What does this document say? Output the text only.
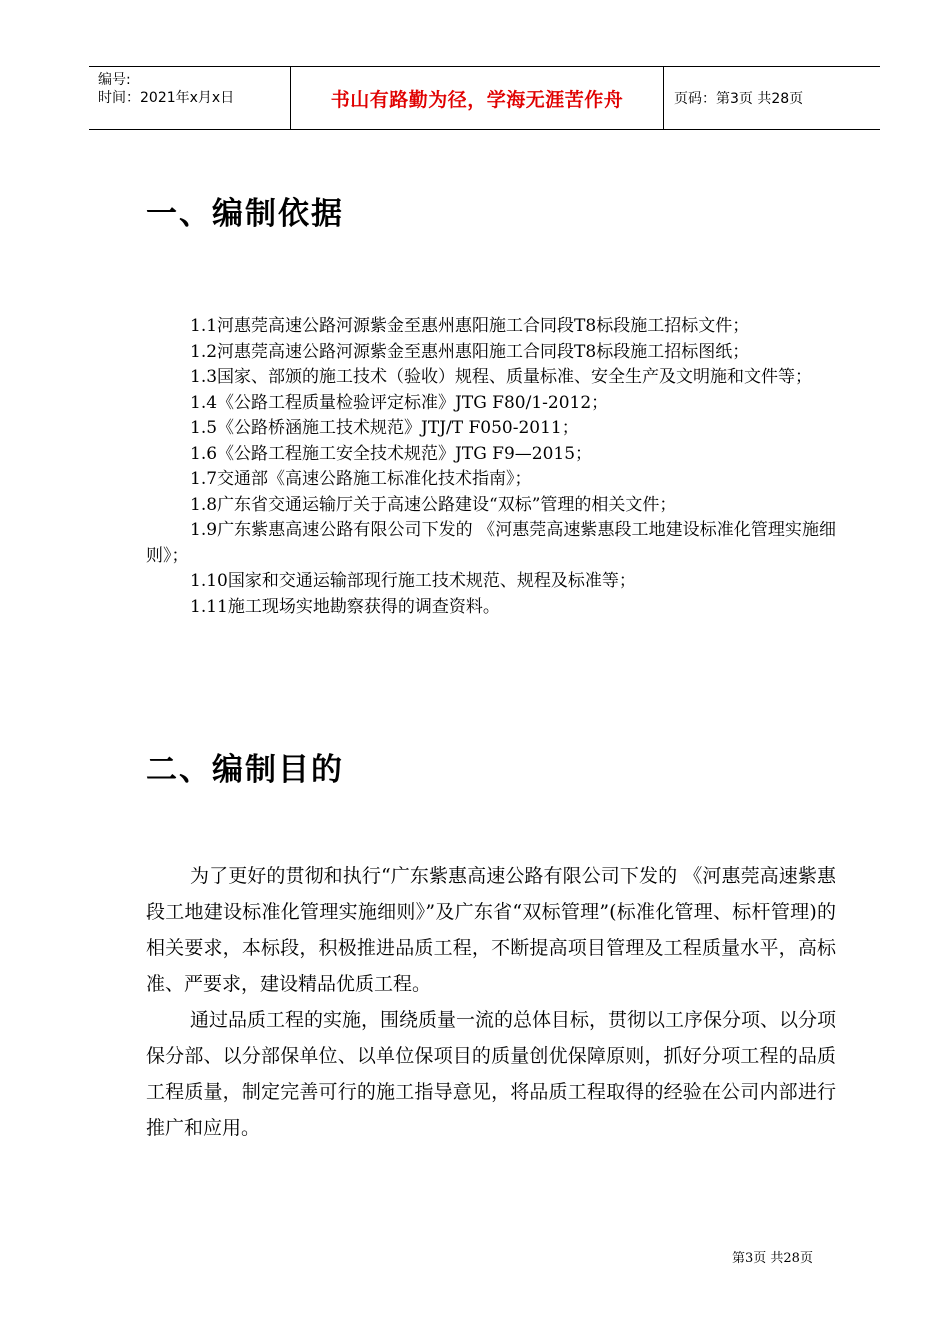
编号:
时间：2021年x月x日	书山有路勤为径，学海无涯苦作舟	页码：第3页 共28页
一、编制依据
1.1河惠莞高速公路河源紫金至惠州惠阳施工合同段T8标段施工招标文件；
1.2河惠莞高速公路河源紫金至惠州惠阳施工合同段T8标段施工招标图纸；
1.3国家、部颁的施工技术（验收）规程、质量标准、安全生产及文明施和文件等；
1.4《公路工程质量检验评定标准》JTG F80/1-2012；
1.5《公路桥涵施工技术规范》JTJ/T F050-2011；
1.6《公路工程施工安全技术规范》JTG F9—2015；
1.7交通部《高速公路施工标准化技术指南》；
1.8广东省交通运输厅关于高速公路建设“双标”管理的相关文件；
1.9广东紫惠高速公路有限公司下发的 《河惠莞高速紫惠段工地建设标准化管理实施细则》；
1.10国家和交通运输部现行施工技术规范、规程及标准等；
1.11施工现场实地勘察获得的调查资料。
二、编制目的
为了更好的贯彻和执行“广东紫惠高速公路有限公司下发的 《河惠莞高速紫惠段工地建设标准化管理实施细则》”及广东省“双标管理”(标准化管理、标杆管理)的相关要求，本标段，积极推进品质工程，不断提高项目管理及工程质量水平，高标准、严要求，建设精品优质工程。
通过品质工程的实施，围绕质量一流的总体目标，贯彻以工序保分项、以分项保分部、以分部保单位、以单位保项目的质量创优保障原则，抓好分项工程的品质工程质量，制定完善可行的施工指导意见，将品质工程取得的经验在公司内部进行推广和应用。
第3页 共28页
